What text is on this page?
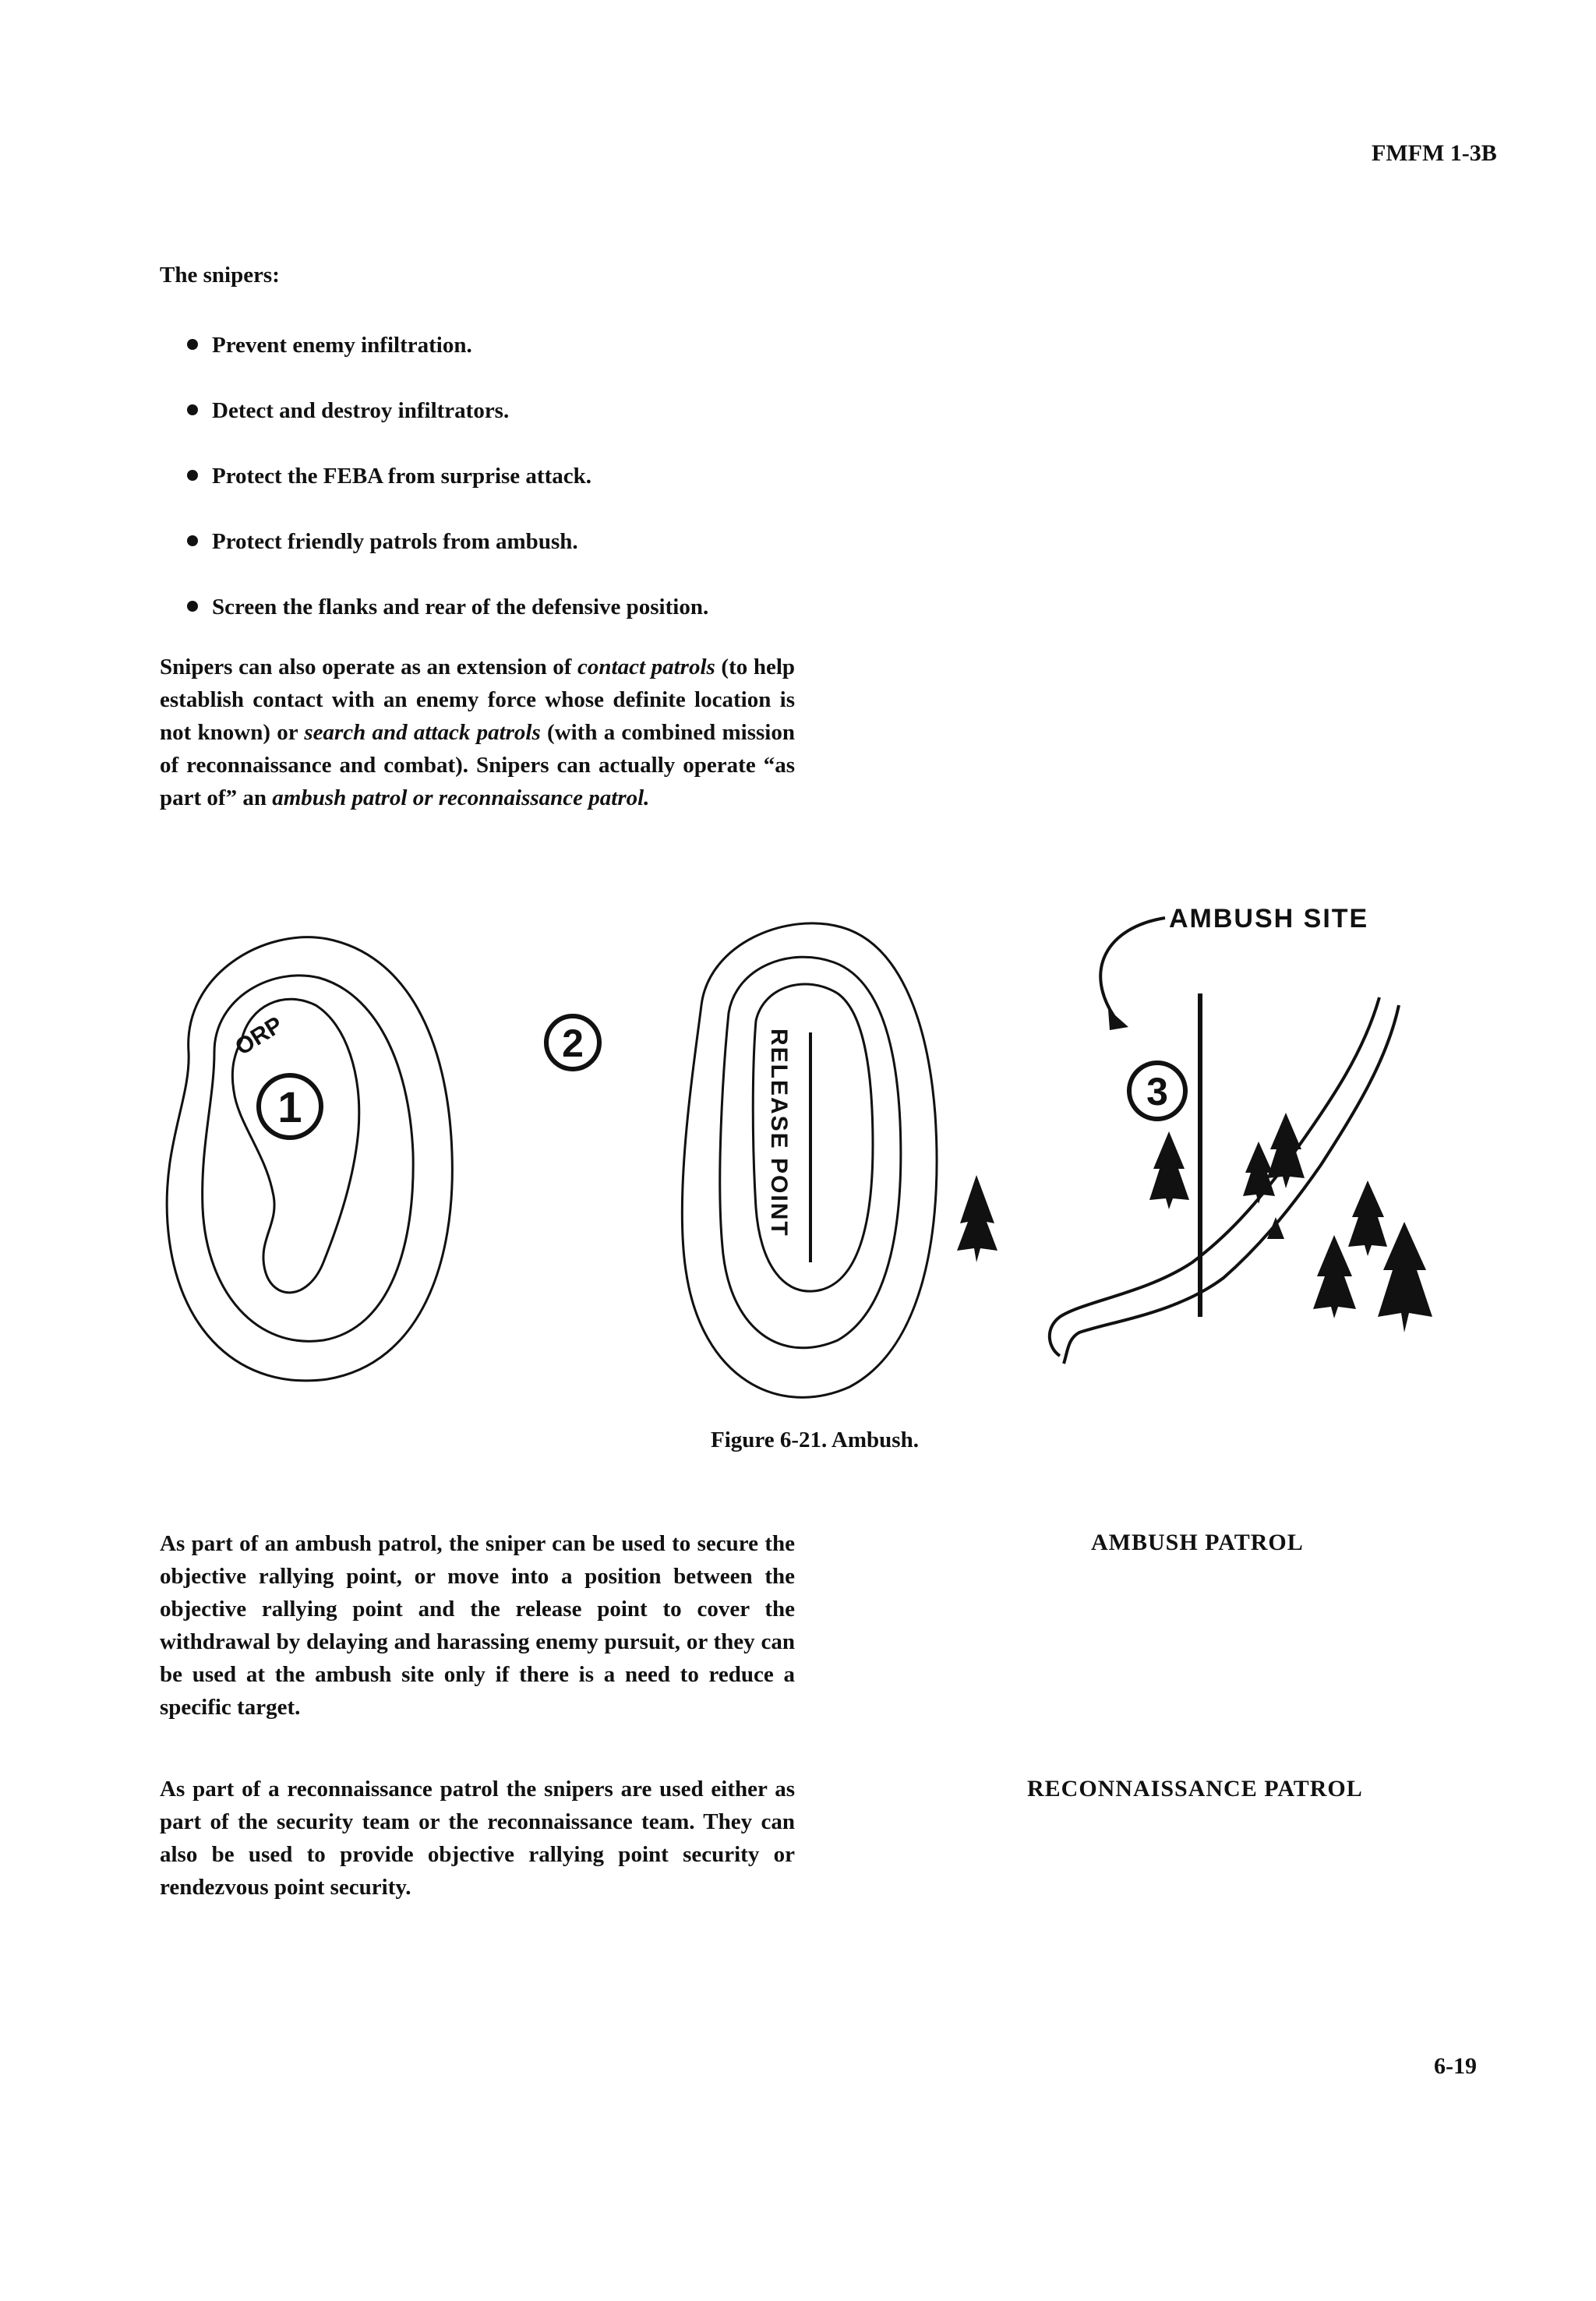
FMFM 1-3B
The snipers:
Prevent enemy infiltration.
Detect and destroy infiltrators.
Protect the FEBA from surprise attack.
Protect friendly patrols from ambush.
Screen the flanks and rear of the defensive position.
Snipers can also operate as an extension of contact patrols (to help establish contact with an enemy force whose definite location is not known) or search and attack patrols (with a combined mission of reconnaissance and combat). Snipers can actually operate “as part of” an ambush patrol or reconnaissance patrol.
1
2
3
ORP	RELEASE POINT
AMBUSH SITE
Figure 6-21. Ambush.
As part of an ambush patrol, the sniper can be used to secure the objective rallying point, or move into a position between the objective rallying point and the release point to cover the withdrawal by delaying and harassing enemy pursuit, or they can be used at the ambush site only if there is a need to reduce a specific target.
AMBUSH PATROL
As part of a reconnaissance patrol the snipers are used either as part of the security team or the reconnaissance team. They can also be used to provide objective rallying point security or rendezvous point security.
RECONNAISSANCE PATROL
6-19
